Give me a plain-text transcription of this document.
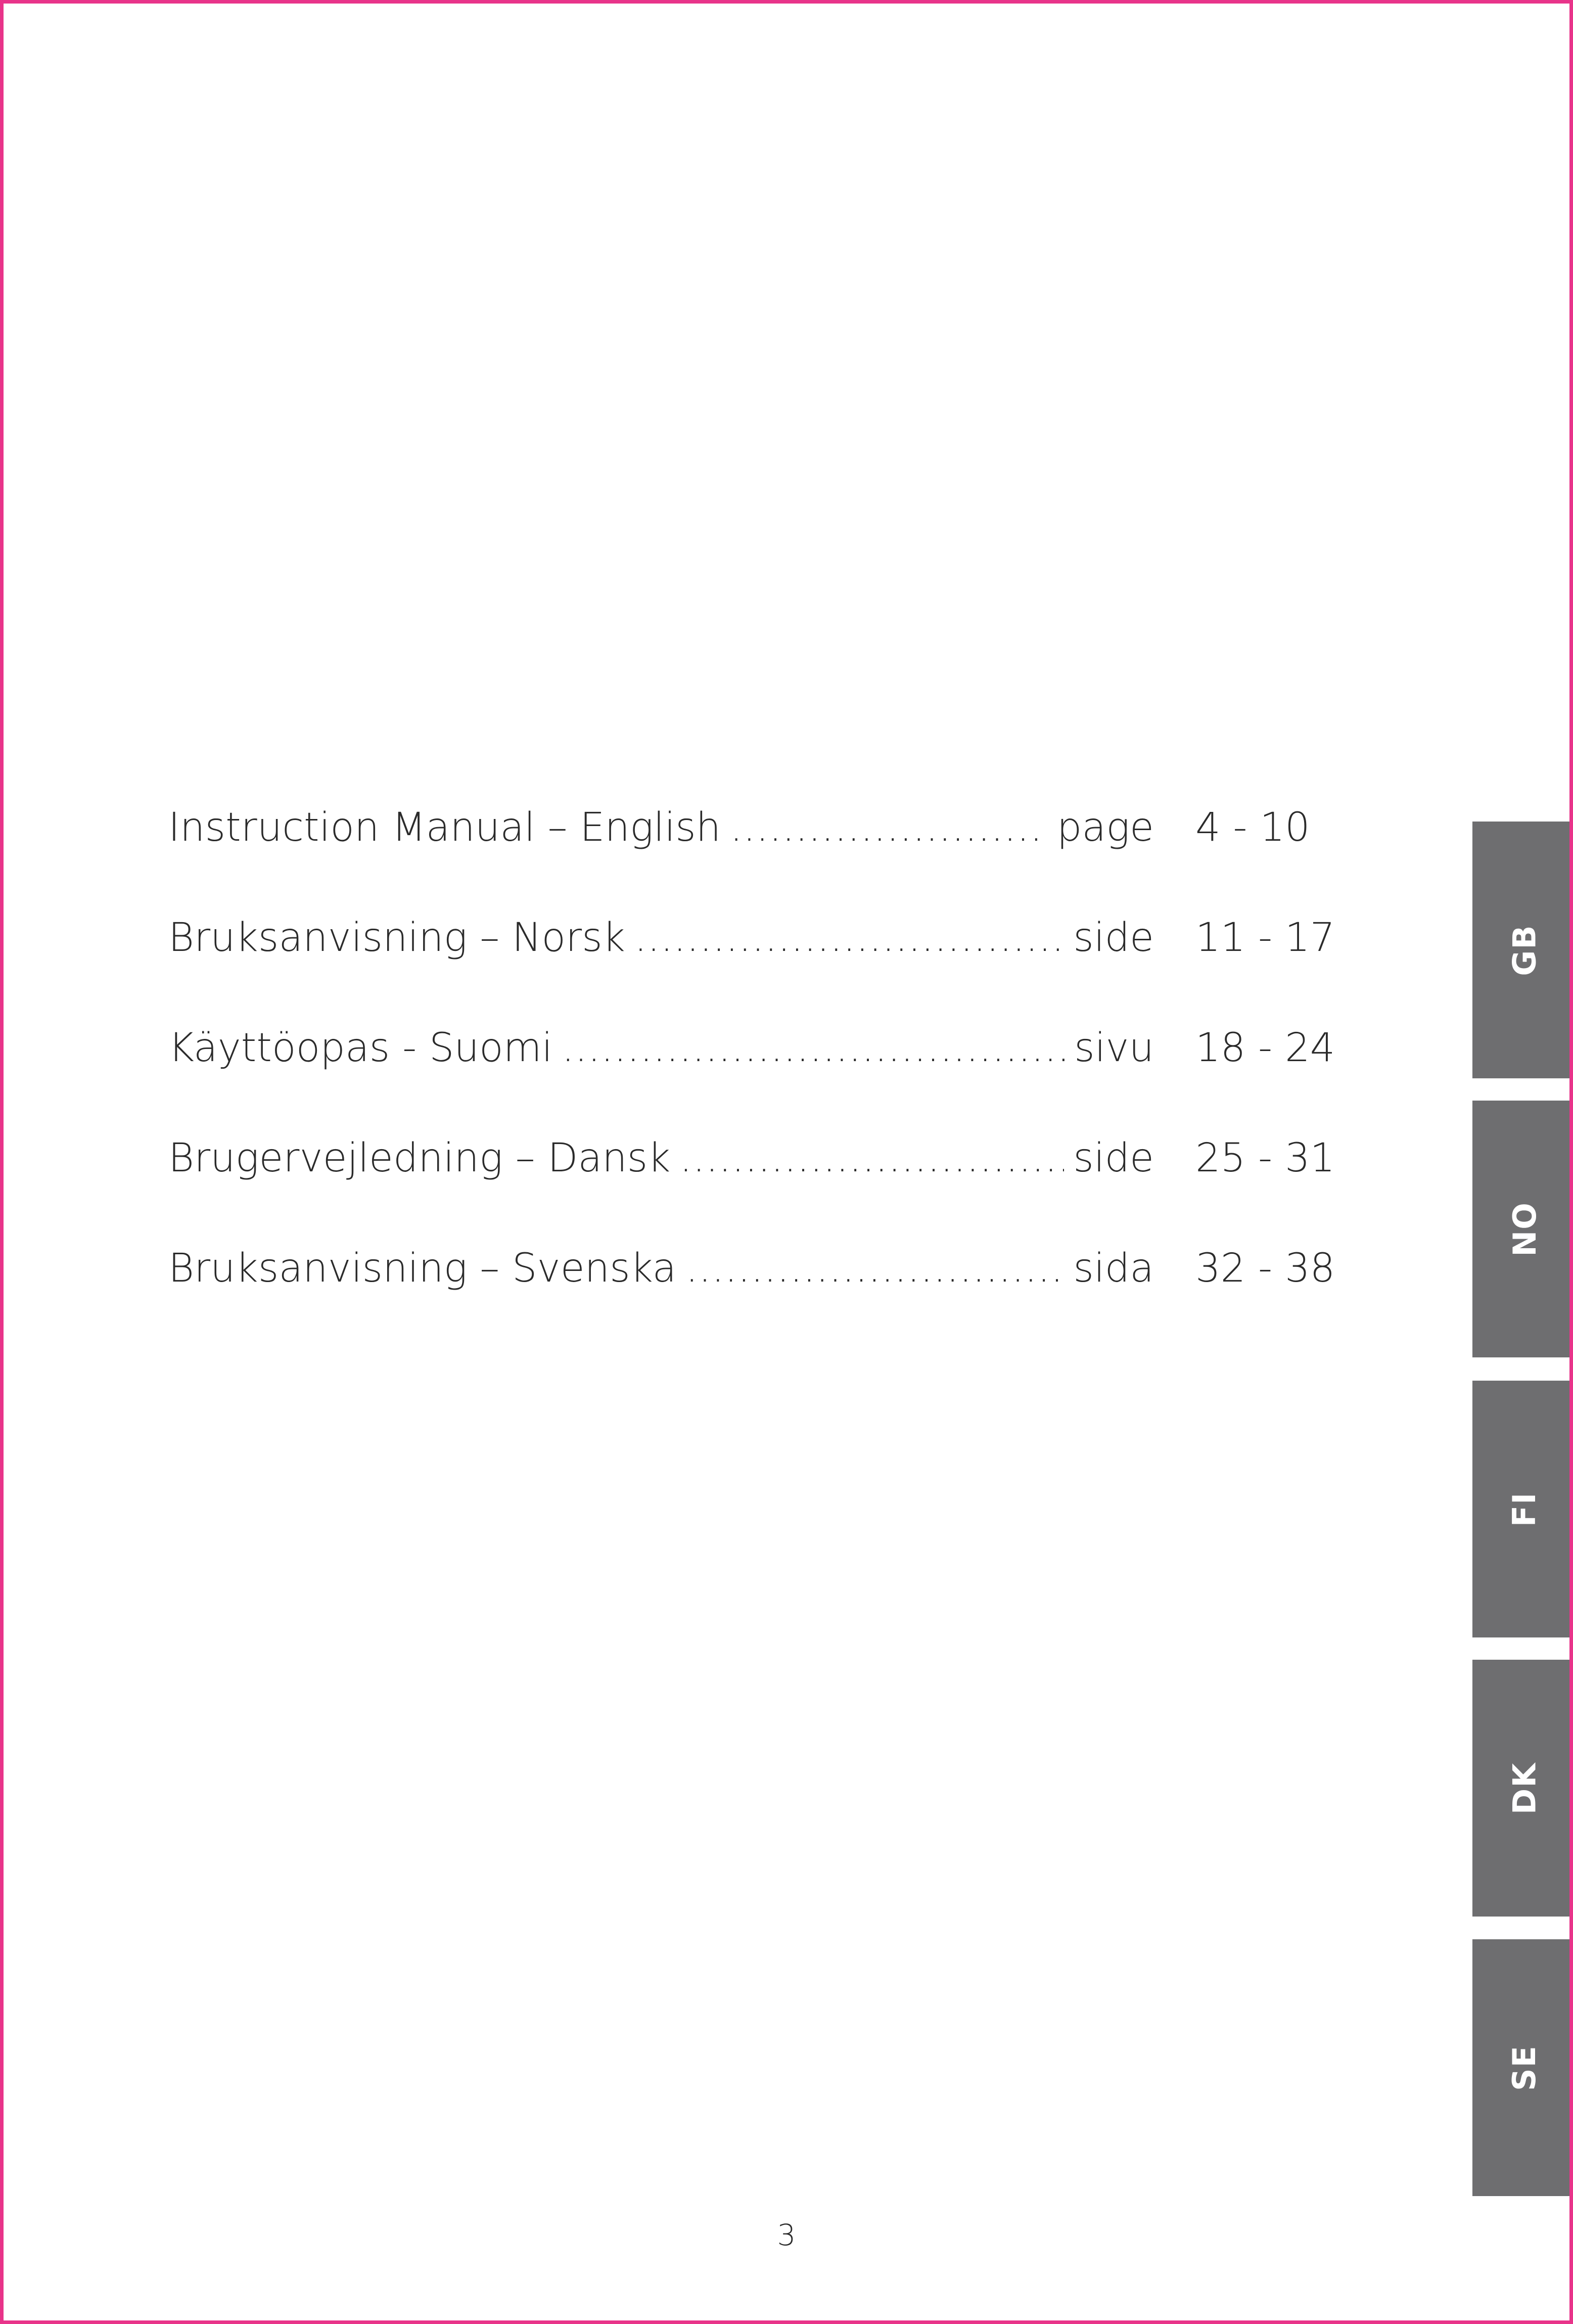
Instruction Manual – English .....	page 4 - 10
Bruksanvisning – Norsk .....	side 11 - 17
Käyttöopas - Suomi .....	sivu 18 - 24
Brugervejledning – Dansk .....	side 25 - 31
Bruksanvisning – Svenska .....	sida 32 - 38
GB
NO
FI
DK
SE
3
